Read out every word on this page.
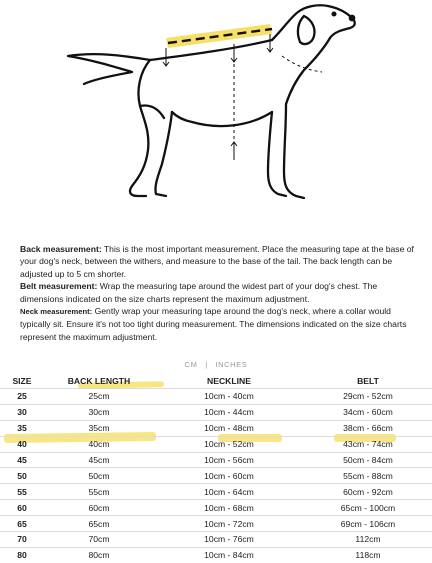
Back measurement: This is the most important measurement. Place the measuring tape at the base of your dog's neck, between the withers, and measure to the base of the tail. The back length can be adjusted up to 5 cm shorter.

Belt measurement: Wrap the measuring tape around the widest part of your dog's chest. The dimensions indicated on the size charts represent the maximum adjustment.

Neck measurement: Gently wrap your measuring tape around the dog's neck, where a collar would typically sit. Ensure it's not too tight during measurement. The dimensions indicated on the size charts represent the maximum adjustment.

CM | INCHES
SIZE	BACK LENGTH	NECKLINE	BELT
25	25cm	10cm - 40cm	29cm - 52cm
30	30cm	10cm - 44cm	34cm - 60cm
35	35cm	10cm - 48cm	38cm - 66cm
40	40cm	10cm - 52cm	43cm - 74cm
45	45cm	10cm - 56cm	50cm - 84cm
50	50cm	10cm - 60cm	55cm - 88cm
55	55cm	10cm - 64cm	60cm - 92cm
60	60cm	10cm - 68cm	65cm - 100cm
65	65cm	10cm - 72cm	69cm - 106cm
70	70cm	10cm - 76cm	112cm
80	80cm	10cm - 84cm	118cm
